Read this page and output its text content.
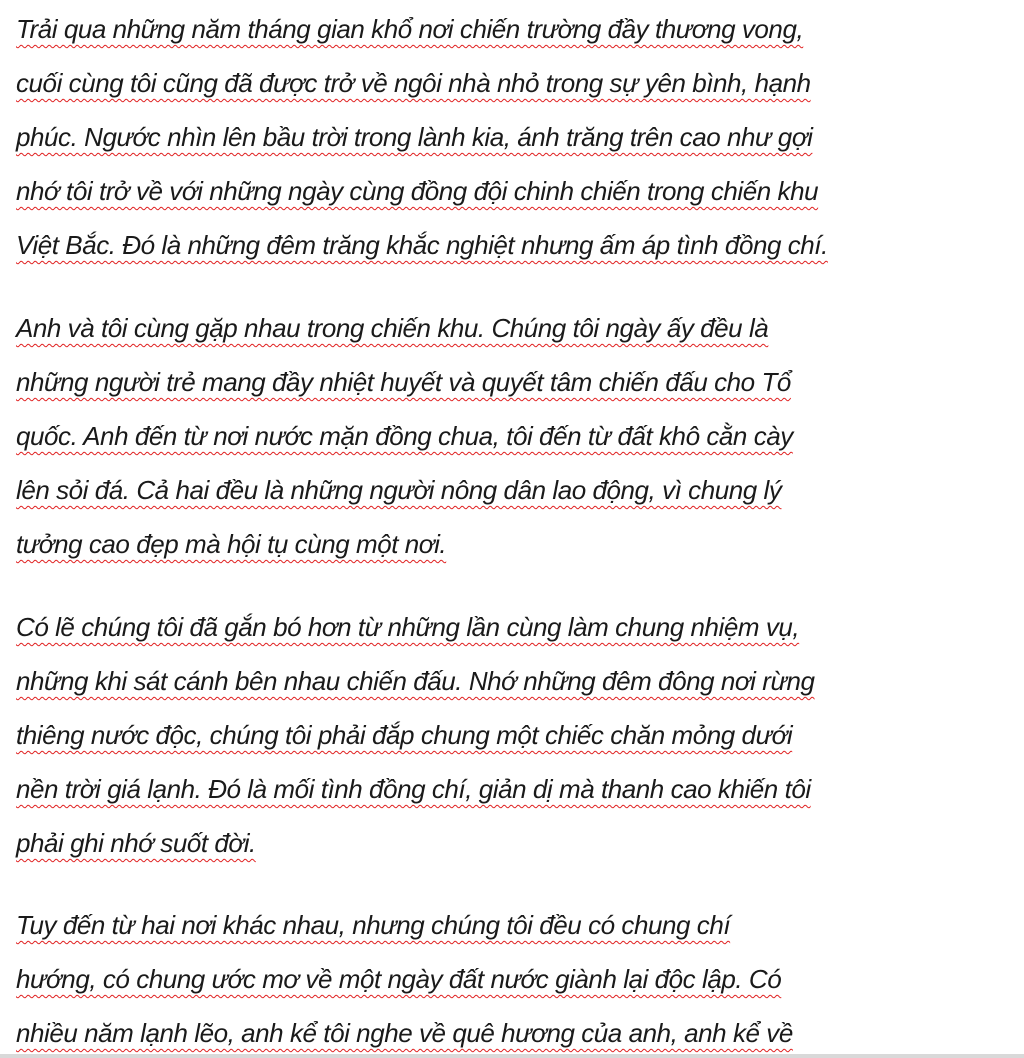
Trải qua những năm tháng gian khổ nơi chiến trường đầy thương vong,
cuối cùng tôi cũng đã được trở về ngôi nhà nhỏ trong sự yên bình, hạnh
phúc. Ngước nhìn lên bầu trời trong lành kia, ánh trăng trên cao như gợi
nhớ tôi trở về với những ngày cùng đồng đội chinh chiến trong chiến khu
Việt Bắc. Đó là những đêm trăng khắc nghiệt nhưng ấm áp tình đồng chí.
Anh và tôi cùng gặp nhau trong chiến khu. Chúng tôi ngày ấy đều là
những người trẻ mang đầy nhiệt huyết và quyết tâm chiến đấu cho Tổ
quốc. Anh đến từ nơi nước mặn đồng chua, tôi đến từ đất khô cằn cày
lên sỏi đá. Cả hai đều là những người nông dân lao động, vì chung lý
tưởng cao đẹp mà hội tụ cùng một nơi.
Có lẽ chúng tôi đã gắn bó hơn từ những lần cùng làm chung nhiệm vụ,
những khi sát cánh bên nhau chiến đấu. Nhớ những đêm đông nơi rừng
thiêng nước độc, chúng tôi phải đắp chung một chiếc chăn mỏng dưới
nền trời giá lạnh. Đó là mối tình đồng chí, giản dị mà thanh cao khiến tôi
phải ghi nhớ suốt đời.
Tuy đến từ hai nơi khác nhau, nhưng chúng tôi đều có chung chí
hướng, có chung ước mơ về một ngày đất nước giành lại độc lập. Có
nhiều năm lạnh lẽo, anh kể tôi nghe về quê hương của anh, anh kể về
